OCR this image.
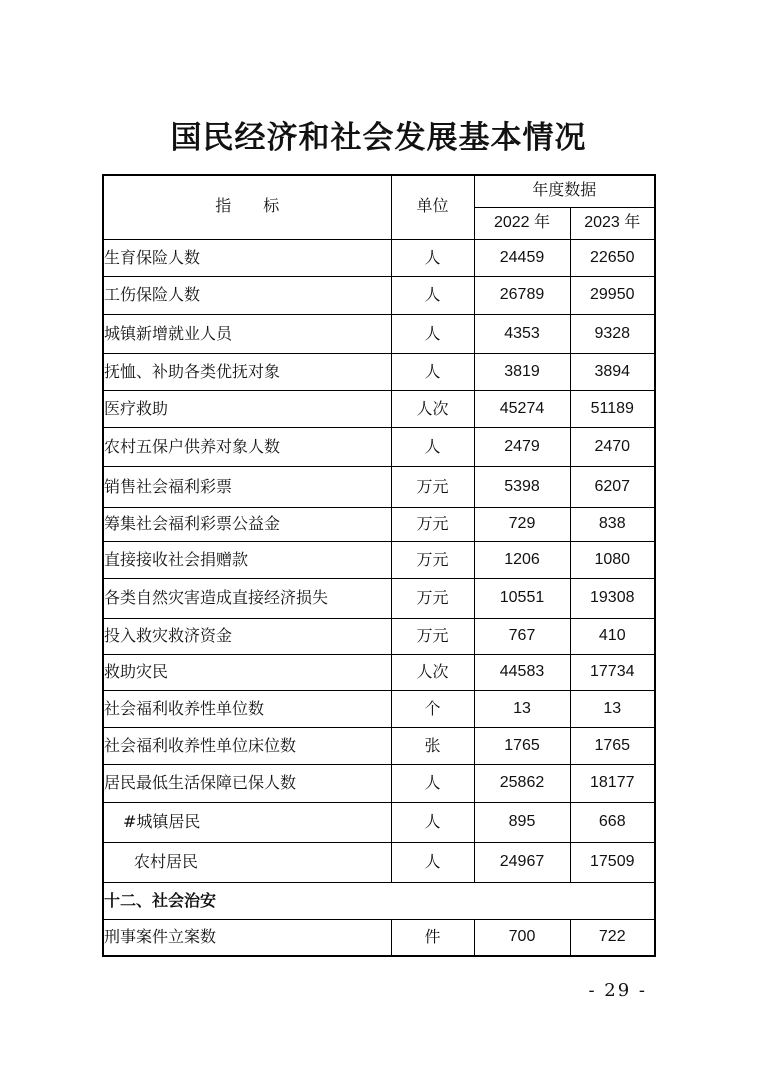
国民经济和社会发展基本情况
指　　标	单位	年度数据	
		2022 年	2023 年
生育保险人数	人	24459	22650
工伤保险人数	人	26789	29950
城镇新增就业人员	人	4353	9328
抚恤、补助各类优抚对象	人	3819	3894
医疗救助	人次	45274	51189
农村五保户供养对象人数	人	2479	2470
销售社会福利彩票	万元	5398	6207
筹集社会福利彩票公益金	万元	729	838
直接接收社会捐赠款	万元	1206	1080
各类自然灾害造成直接经济损失	万元	10551	19308
投入救灾救济资金	万元	767	410
救助灾民	人次	44583	17734
社会福利收养性单位数	个	13	13
社会福利收养性单位床位数	张	1765	1765
居民最低生活保障已保人数	人	25862	18177
#城镇居民	人	895	668
农村居民	人	24967	17509
十二、社会治安			
刑事案件立案数	件	700	722
- 29 -
